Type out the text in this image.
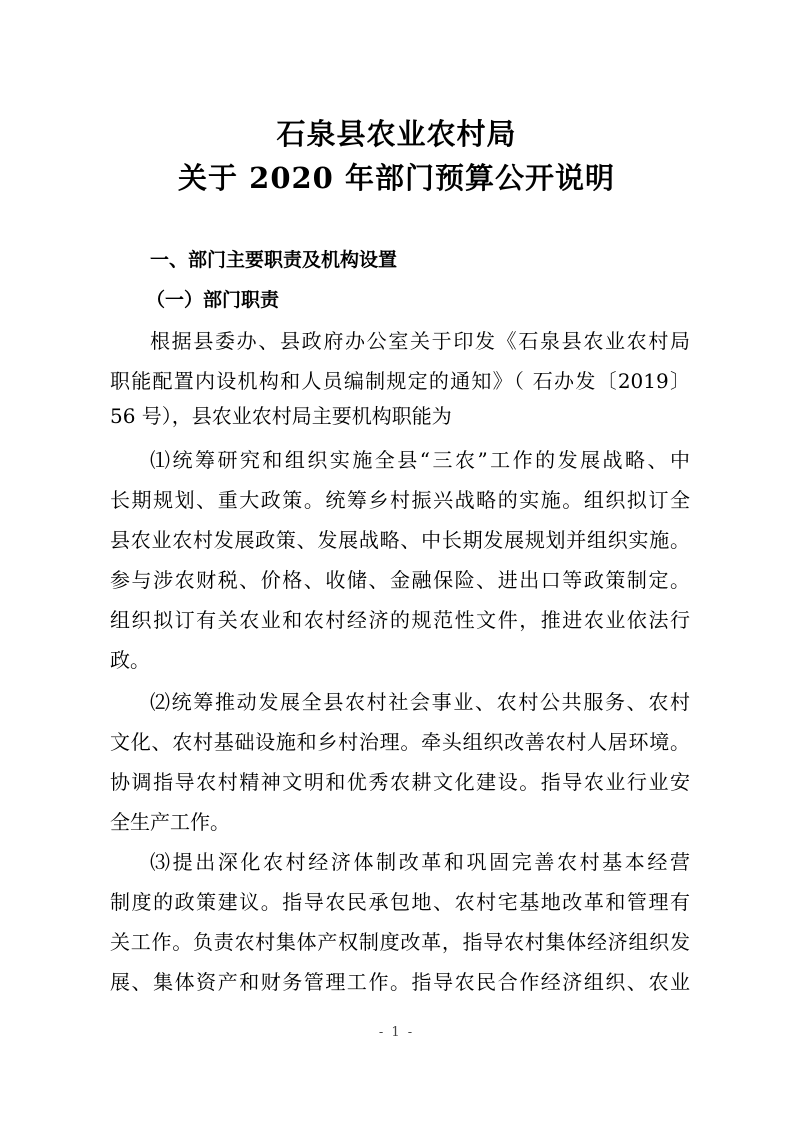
石泉县农业农村局
关于 2020 年部门预算公开说明
一、部门主要职责及机构设置
（一）部门职责
根据县委办、县政府办公室关于印发《石泉县农业农村局
职能配置内设机构和人员编制规定的通知》（ 石办发〔2019〕
56 号），县农业农村局主要机构职能为
⑴统筹研究和组织实施全县“三农”工作的发展战略、中
长期规划、重大政策。统筹乡村振兴战略的实施。组织拟订全
县农业农村发展政策、发展战略、中长期发展规划并组织实施。
参与涉农财税、价格、收储、金融保险、进出口等政策制定。
组织拟订有关农业和农村经济的规范性文件，推进农业依法行
政。
⑵统筹推动发展全县农村社会事业、农村公共服务、农村
文化、农村基础设施和乡村治理。牵头组织改善农村人居环境。
协调指导农村精神文明和优秀农耕文化建设。指导农业行业安
全生产工作。
⑶提出深化农村经济体制改革和巩固完善农村基本经营
制度的政策建议。指导农民承包地、农村宅基地改革和管理有
关工作。负责农村集体产权制度改革，指导农村集体经济组织发
展、集体资产和财务管理工作。指导农民合作经济组织、农业
- 1 -
